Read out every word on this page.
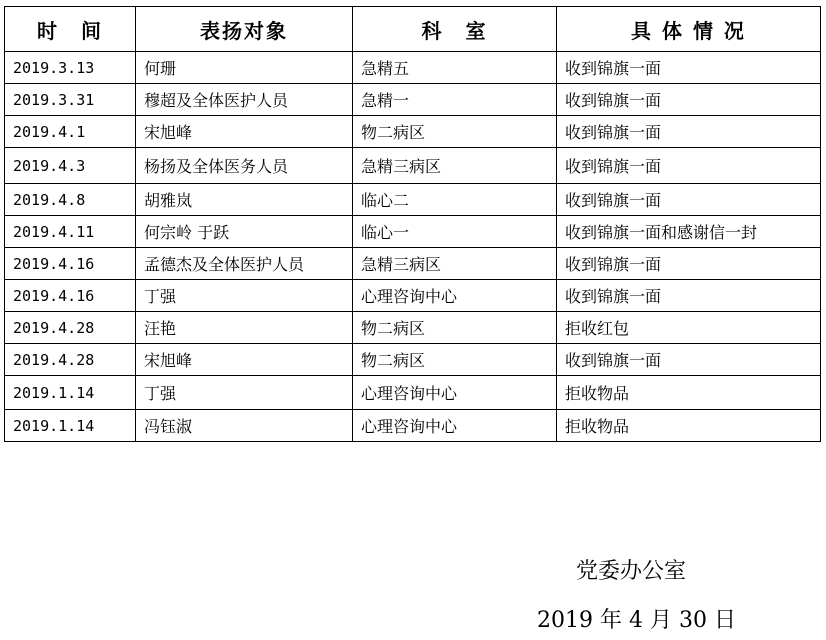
时　间	表扬对象	科　室	具 体 情 况
2019.3.13	何珊	急精五	收到锦旗一面
2019.3.31	穆超及全体医护人员	急精一	收到锦旗一面
2019.4.1	宋旭峰	物二病区	收到锦旗一面
2019.4.3	杨扬及全体医务人员	急精三病区	收到锦旗一面
2019.4.8	胡雅岚	临心二	收到锦旗一面
2019.4.11	何宗岭 于跃	临心一	收到锦旗一面和感谢信一封
2019.4.16	孟德杰及全体医护人员	急精三病区	收到锦旗一面
2019.4.16	丁强	心理咨询中心	收到锦旗一面
2019.4.28	汪艳	物二病区	拒收红包
2019.4.28	宋旭峰	物二病区	收到锦旗一面
2019.1.14	丁强	心理咨询中心	拒收物品
2019.1.14	冯钰淑	心理咨询中心	拒收物品
党委办公室
2019 年 4 月 30 日
